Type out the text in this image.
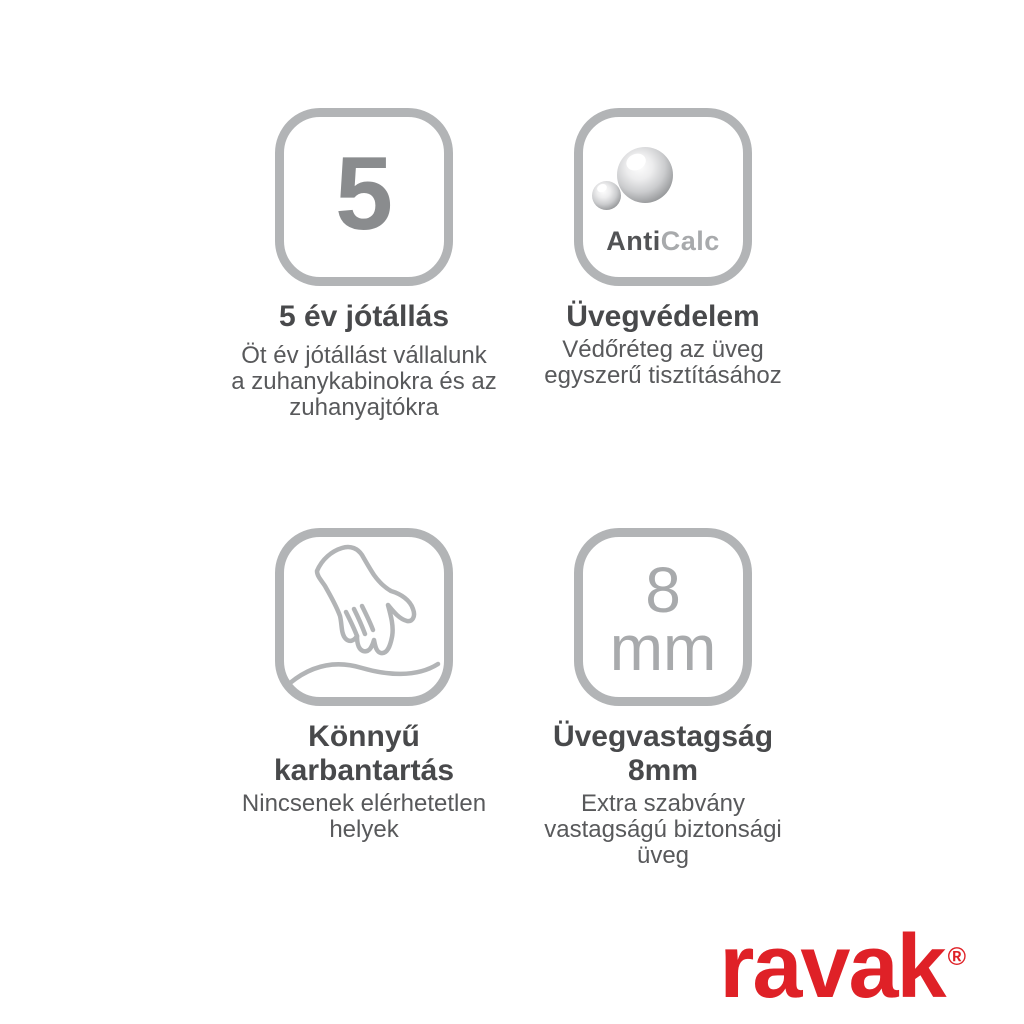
5
5 év jótállás

Öt év jótállást vállalunk
a zuhanykabinokra és az
zuhanyajtókra

AntiCalc
Üvegvédelem

Védőréteg az üveg
egyszerű tisztításához

Könnyű
karbantartás

Nincsenek elérhetetlen
helyek

8
mm
Üvegvastagság
8mm

Extra szabvány
vastagságú biztonsági
üveg

ravak ®
